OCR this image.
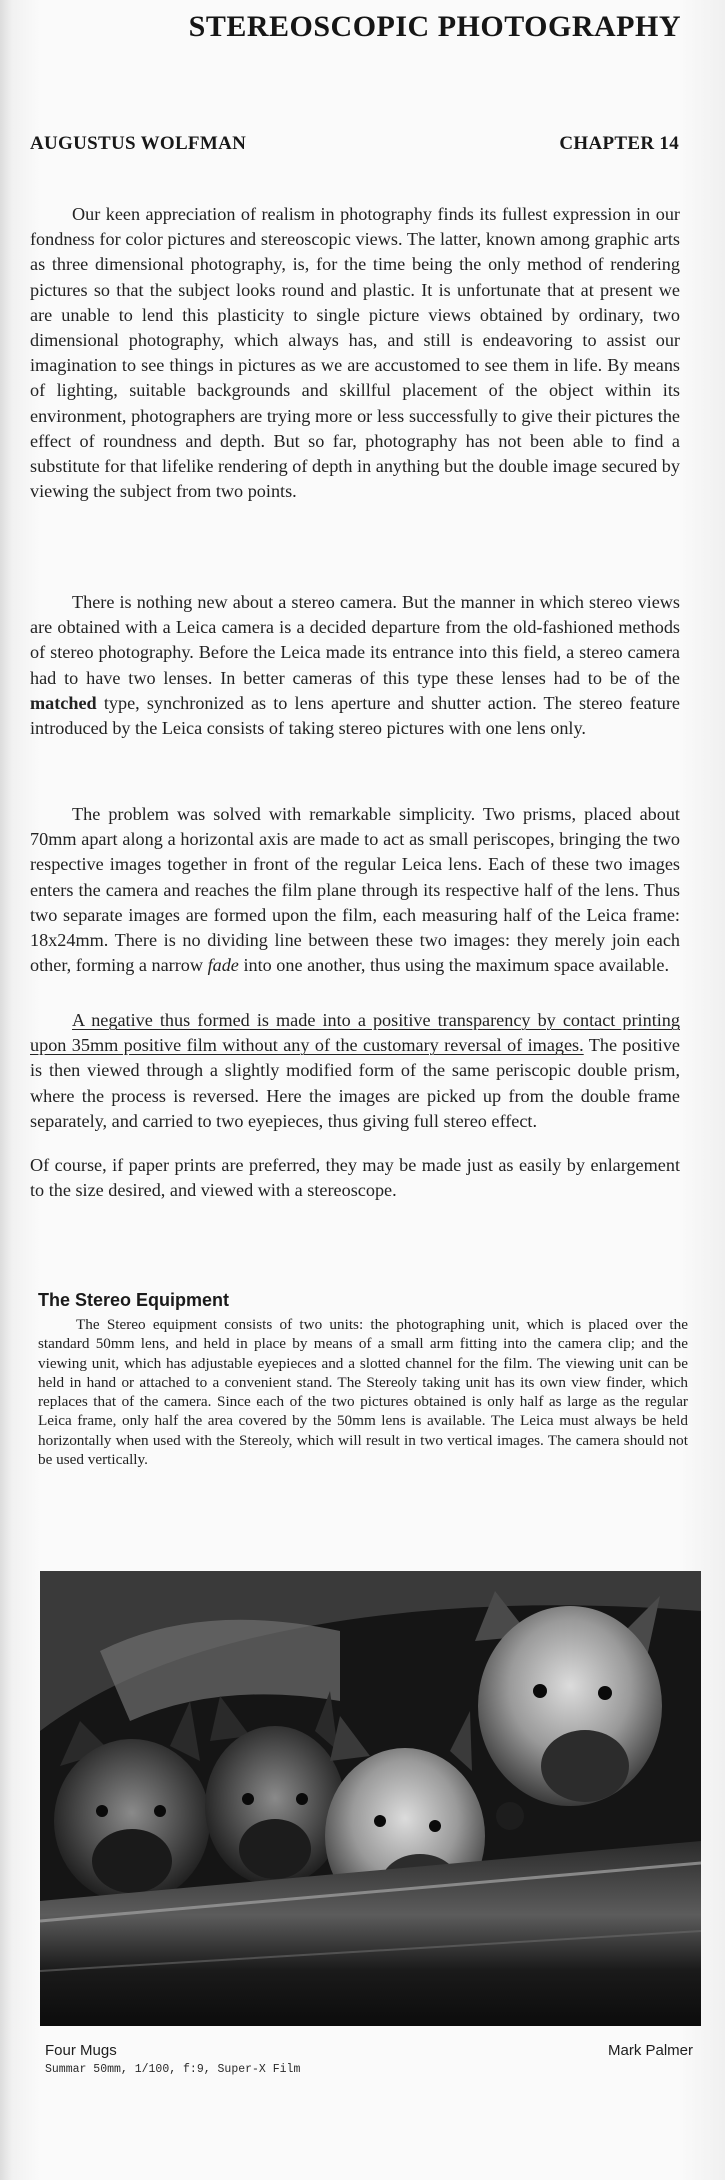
STEREOSCOPIC PHOTOGRAPHY
AUGUSTUS WOLFMAN	CHAPTER 14

Our keen appreciation of realism in photography finds its fullest expression in our fondness for color pictures and stereoscopic views. The latter, known among graphic arts as three dimensional photography, is, for the time being the only method of rendering pictures so that the subject looks round and plastic. It is unfortunate that at present we are unable to lend this plasticity to single picture views obtained by ordinary, two dimensional photography, which always has, and still is endeavoring to assist our imagination to see things in pictures as we are accustomed to see them in life. By means of lighting, suitable backgrounds and skillful placement of the object within its environment, photographers are trying more or less successfully to give their pictures the effect of roundness and depth. But so far, photography has not been able to find a substitute for that lifelike rendering of depth in anything but the double image secured by viewing the subject from two points.

There is nothing new about a stereo camera. But the manner in which stereo views are obtained with a Leica camera is a decided departure from the old-fashioned methods of stereo photography. Before the Leica made its entrance into this field, a stereo camera had to have two lenses. In better cameras of this type these lenses had to be of the matched type, synchronized as to lens aperture and shutter action. The stereo feature introduced by the Leica consists of taking stereo pictures with one lens only.

The problem was solved with remarkable simplicity. Two prisms, placed about 70mm apart along a horizontal axis are made to act as small periscopes, bringing the two respective images together in front of the regular Leica lens. Each of these two images enters the camera and reaches the film plane through its respective half of the lens. Thus two separate images are formed upon the film, each measuring half of the Leica frame: 18x24mm. There is no dividing line between these two images: they merely join each other, forming a narrow fade into one another, thus using the maximum space available.

A negative thus formed is made into a positive transparency by contact printing upon 35mm positive film without any of the customary reversal of images. The positive is then viewed through a slightly modified form of the same periscopic double prism, where the process is reversed. Here the images are picked up from the double frame separately, and carried to two eyepieces, thus giving full stereo effect.

Of course, if paper prints are preferred, they may be made just as easily by enlargement to the size desired, and viewed with a stereoscope.

The Stereo Equipment

The Stereo equipment consists of two units: the photographing unit, which is placed over the standard 50mm lens, and held in place by means of a small arm fitting into the camera clip; and the viewing unit, which has adjustable eyepieces and a slotted channel for the film. The viewing unit can be held in hand or attached to a convenient stand. The Stereoly taking unit has its own view finder, which replaces that of the camera. Since each of the two pictures obtained is only half as large as the regular Leica frame, only half the area covered by the 50mm lens is available. The Leica must always be held horizontally when used with the Stereoly, which will result in two vertical images. The camera should not be used vertically.

Four Mugs
Summar 50mm, 1/100, f:9, Super-X Film
Mark Palmer
